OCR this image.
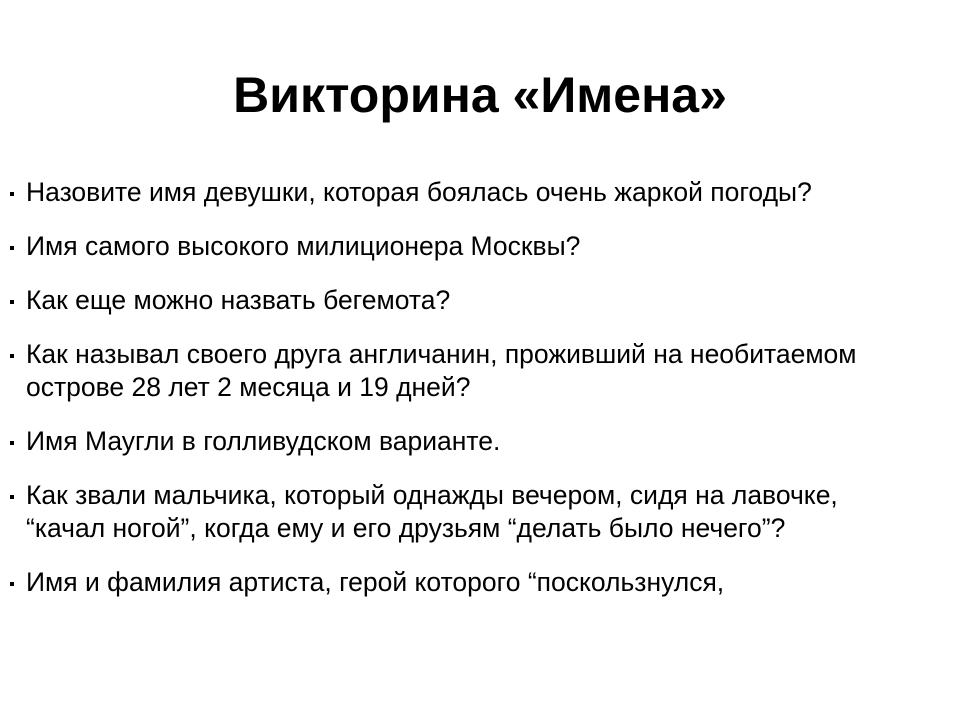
Викторина «Имена»
Назовите имя девушки, которая боялась очень жаркой погоды?
Имя самого высокого милиционера Москвы?
Как еще можно назвать бегемота?
Как называл своего друга англичанин, проживший на необитаемом острове 28 лет 2 месяца и 19 дней?
Имя Маугли в голливудском варианте.
Как звали мальчика, который однажды вечером, сидя на лавочке, “качал ногой”, когда ему и его друзьям “делать было нечего”?
Имя и фамилия артиста, герой которого “поскользнулся,
